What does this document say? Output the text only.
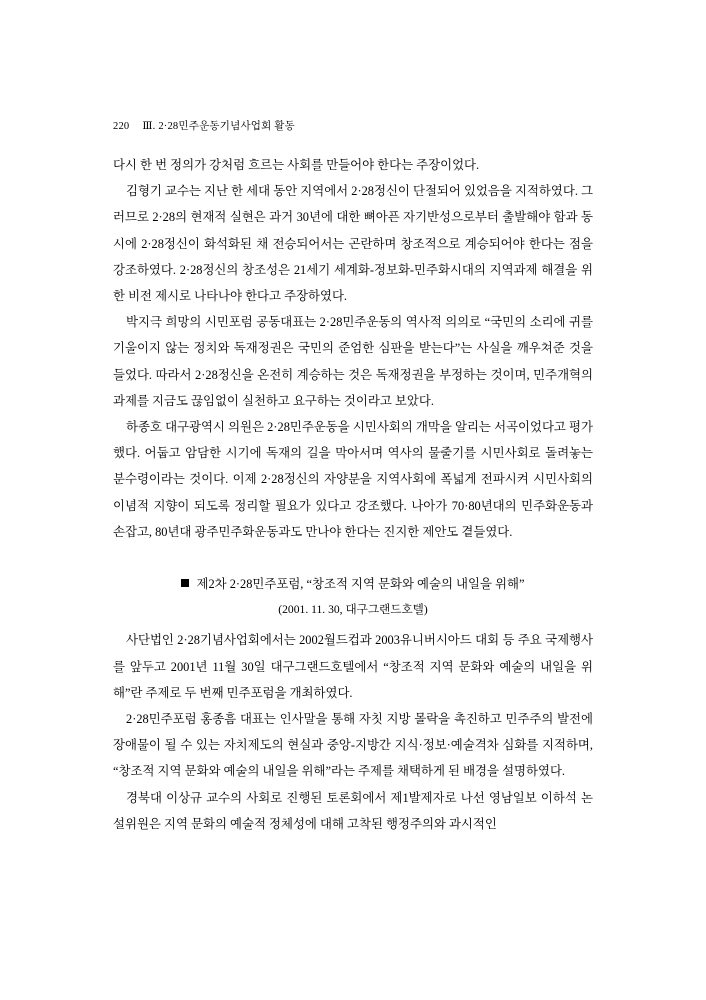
220 Ⅲ. 2·28민주운동기념사업회 활동

다시 한 번 정의가 강처럼 흐르는 사회를 만들어야 한다는 주장이었다.

김형기 교수는 지난 한 세대 동안 지역에서 2·28정신이 단절되어 있었음을 지적하였다. 그러므로 2·28의 현재적 실현은 과거 30년에 대한 뼈아픈 자기반성으로부터 출발해야 함과 동시에 2·28정신이 화석화된 채 전승되어서는 곤란하며 창조적으로 계승되어야 한다는 점을 강조하였다. 2·28정신의 창조성은 21세기 세계화-정보화-민주화시대의 지역과제 해결을 위한 비전 제시로 나타나야 한다고 주장하였다.

박지극 희망의 시민포럼 공동대표는 2·28민주운동의 역사적 의의로 “국민의 소리에 귀를 기울이지 않는 정치와 독재정권은 국민의 준엄한 심판을 받는다”는 사실을 깨우쳐준 것을 들었다. 따라서 2·28정신을 온전히 계승하는 것은 독재정권을 부정하는 것이며, 민주개혁의 과제를 지금도 끊임없이 실천하고 요구하는 것이라고 보았다.

하종호 대구광역시 의원은 2·28민주운동을 시민사회의 개막을 알리는 서곡이었다고 평가했다. 어둡고 암담한 시기에 독재의 길을 막아서며 역사의 물줄기를 시민사회로 돌려놓는 분수령이라는 것이다. 이제 2·28정신의 자양분을 지역사회에 폭넓게 전파시켜 시민사회의 이념적 지향이 되도록 정리할 필요가 있다고 강조했다. 나아가 70·80년대의 민주화운동과 손잡고, 80년대 광주민주화운동과도 만나야 한다는 진지한 제안도 곁들였다.

제2차 2·28민주포럼, “창조적 지역 문화와 예술의 내일을 위해”

(2001. 11. 30, 대구그랜드호텔)

사단법인 2·28기념사업회에서는 2002월드컵과 2003유니버시아드 대회 등 주요 국제행사를 앞두고 2001년 11월 30일 대구그랜드호텔에서 “창조적 지역 문화와 예술의 내일을 위해”란 주제로 두 번째 민주포럼을 개최하였다.

2·28민주포럼 홍종흠 대표는 인사말을 통해 자칫 지방 몰락을 촉진하고 민주주의 발전에 장애물이 될 수 있는 자치제도의 현실과 중앙-지방간 지식·정보·예술격차 심화를 지적하며, “창조적 지역 문화와 예술의 내일을 위해”라는 주제를 채택하게 된 배경을 설명하였다.

경북대 이상규 교수의 사회로 진행된 토론회에서 제1발제자로 나선 영남일보 이하석 논설위원은 지역 문화의 예술적 정체성에 대해 고착된 행정주의와 과시적인
